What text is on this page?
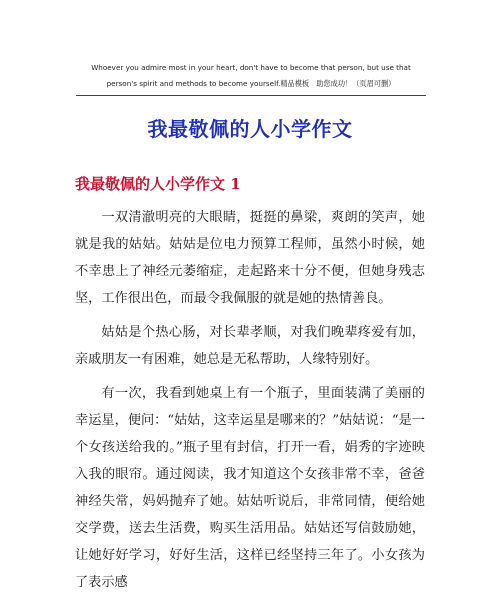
Whoever you admire most in your heart, don't have to become that person, but use that person's spirit and methods to become yourself.精品模板　助您成功！（页眉可删）
我最敬佩的人小学作文
我最敬佩的人小学作文 1

一双清澈明亮的大眼睛，挺挺的鼻梁，爽朗的笑声，她就是我的姑姑。姑姑是位电力预算工程师，虽然小时候，她不幸患上了神经元萎缩症，走起路来十分不便，但她身残志坚，工作很出色，而最令我佩服的就是她的热情善良。

姑姑是个热心肠，对长辈孝顺，对我们晚辈疼爱有加，亲戚朋友一有困难，她总是无私帮助，人缘特别好。

有一次，我看到她桌上有一个瓶子，里面装满了美丽的幸运星，便问：“姑姑，这幸运星是哪来的？”姑姑说：“是一个女孩送给我的。”瓶子里有封信，打开一看，娟秀的字迹映入我的眼帘。通过阅读，我才知道这个女孩非常不幸，爸爸神经失常，妈妈抛弃了她。姑姑听说后，非常同情，便给她交学费，送去生活费，购买生活用品。姑姑还写信鼓励她，让她好好学习，好好生活，这样已经坚持三年了。小女孩为了表示感
